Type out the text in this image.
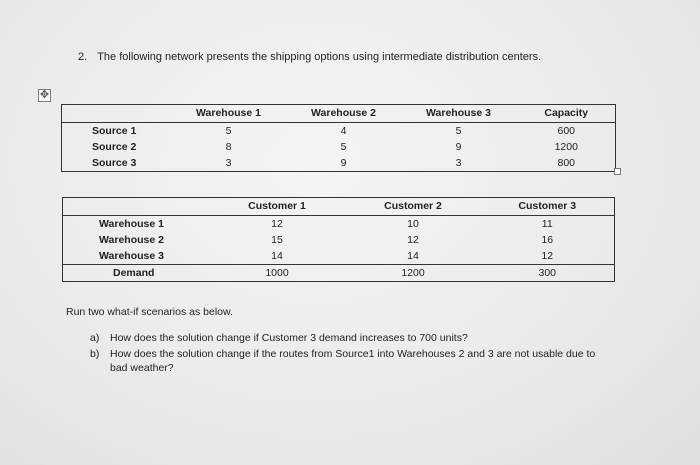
2. The following network presents the shipping options using intermediate distribution centers.
✥
	Warehouse 1	Warehouse 2	Warehouse 3	Capacity
Source 1	5	4	5	600
Source 2	8	5	9	1200
Source 3	3	9	3	800
	Customer 1	Customer 2	Customer 3
Warehouse 1	12	10	11
Warehouse 2	15	12	16
Warehouse 3	14	14	12
Demand	1000	1200	300
Run two what-if scenarios as below.
a)	How does the solution change if Customer 3 demand increases to 700 units?
b)	How does the solution change if the routes from Source1 into Warehouses 2 and 3 are not usable due to bad weather?
